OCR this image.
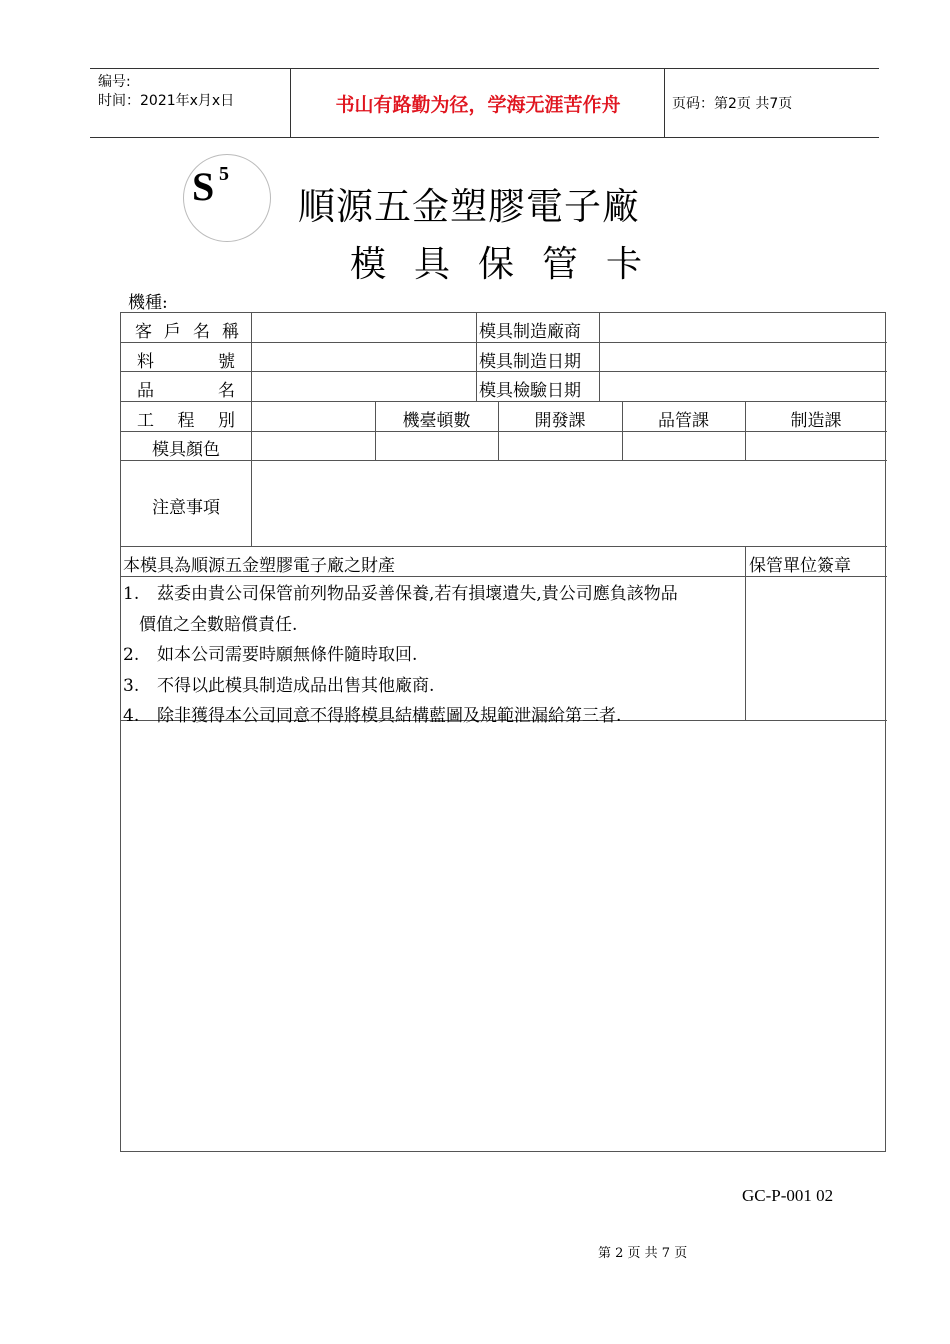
编号:
时间：2021年x月x日	书山有路勤为径，学海无涯苦作舟	页码：第2页 共7页
S 5
順源五金塑膠電子廠
模具保管卡
機種:
客 戶 名 稱	模具制造廠商
料	號	模具制造日期
品	名	模具檢驗日期
工 程 別	機臺頓數	開發課	品管課	制造課
模具顏色
注意事項
本模具為順源五金塑膠電子廠之財產	保管單位簽章
1.	茲委由貴公司保管前列物品妥善保養,若有損壞遺失,貴公司應負該物品
價值之全數賠償責任.
2.	如本公司需要時願無條件隨時取回.
3.	不得以此模具制造成品出售其他廠商.
4.	除非獲得本公司同意不得將模具結構藍圖及規範泄漏給第三者.
GC-P-001 02
第 2 页 共 7 页
